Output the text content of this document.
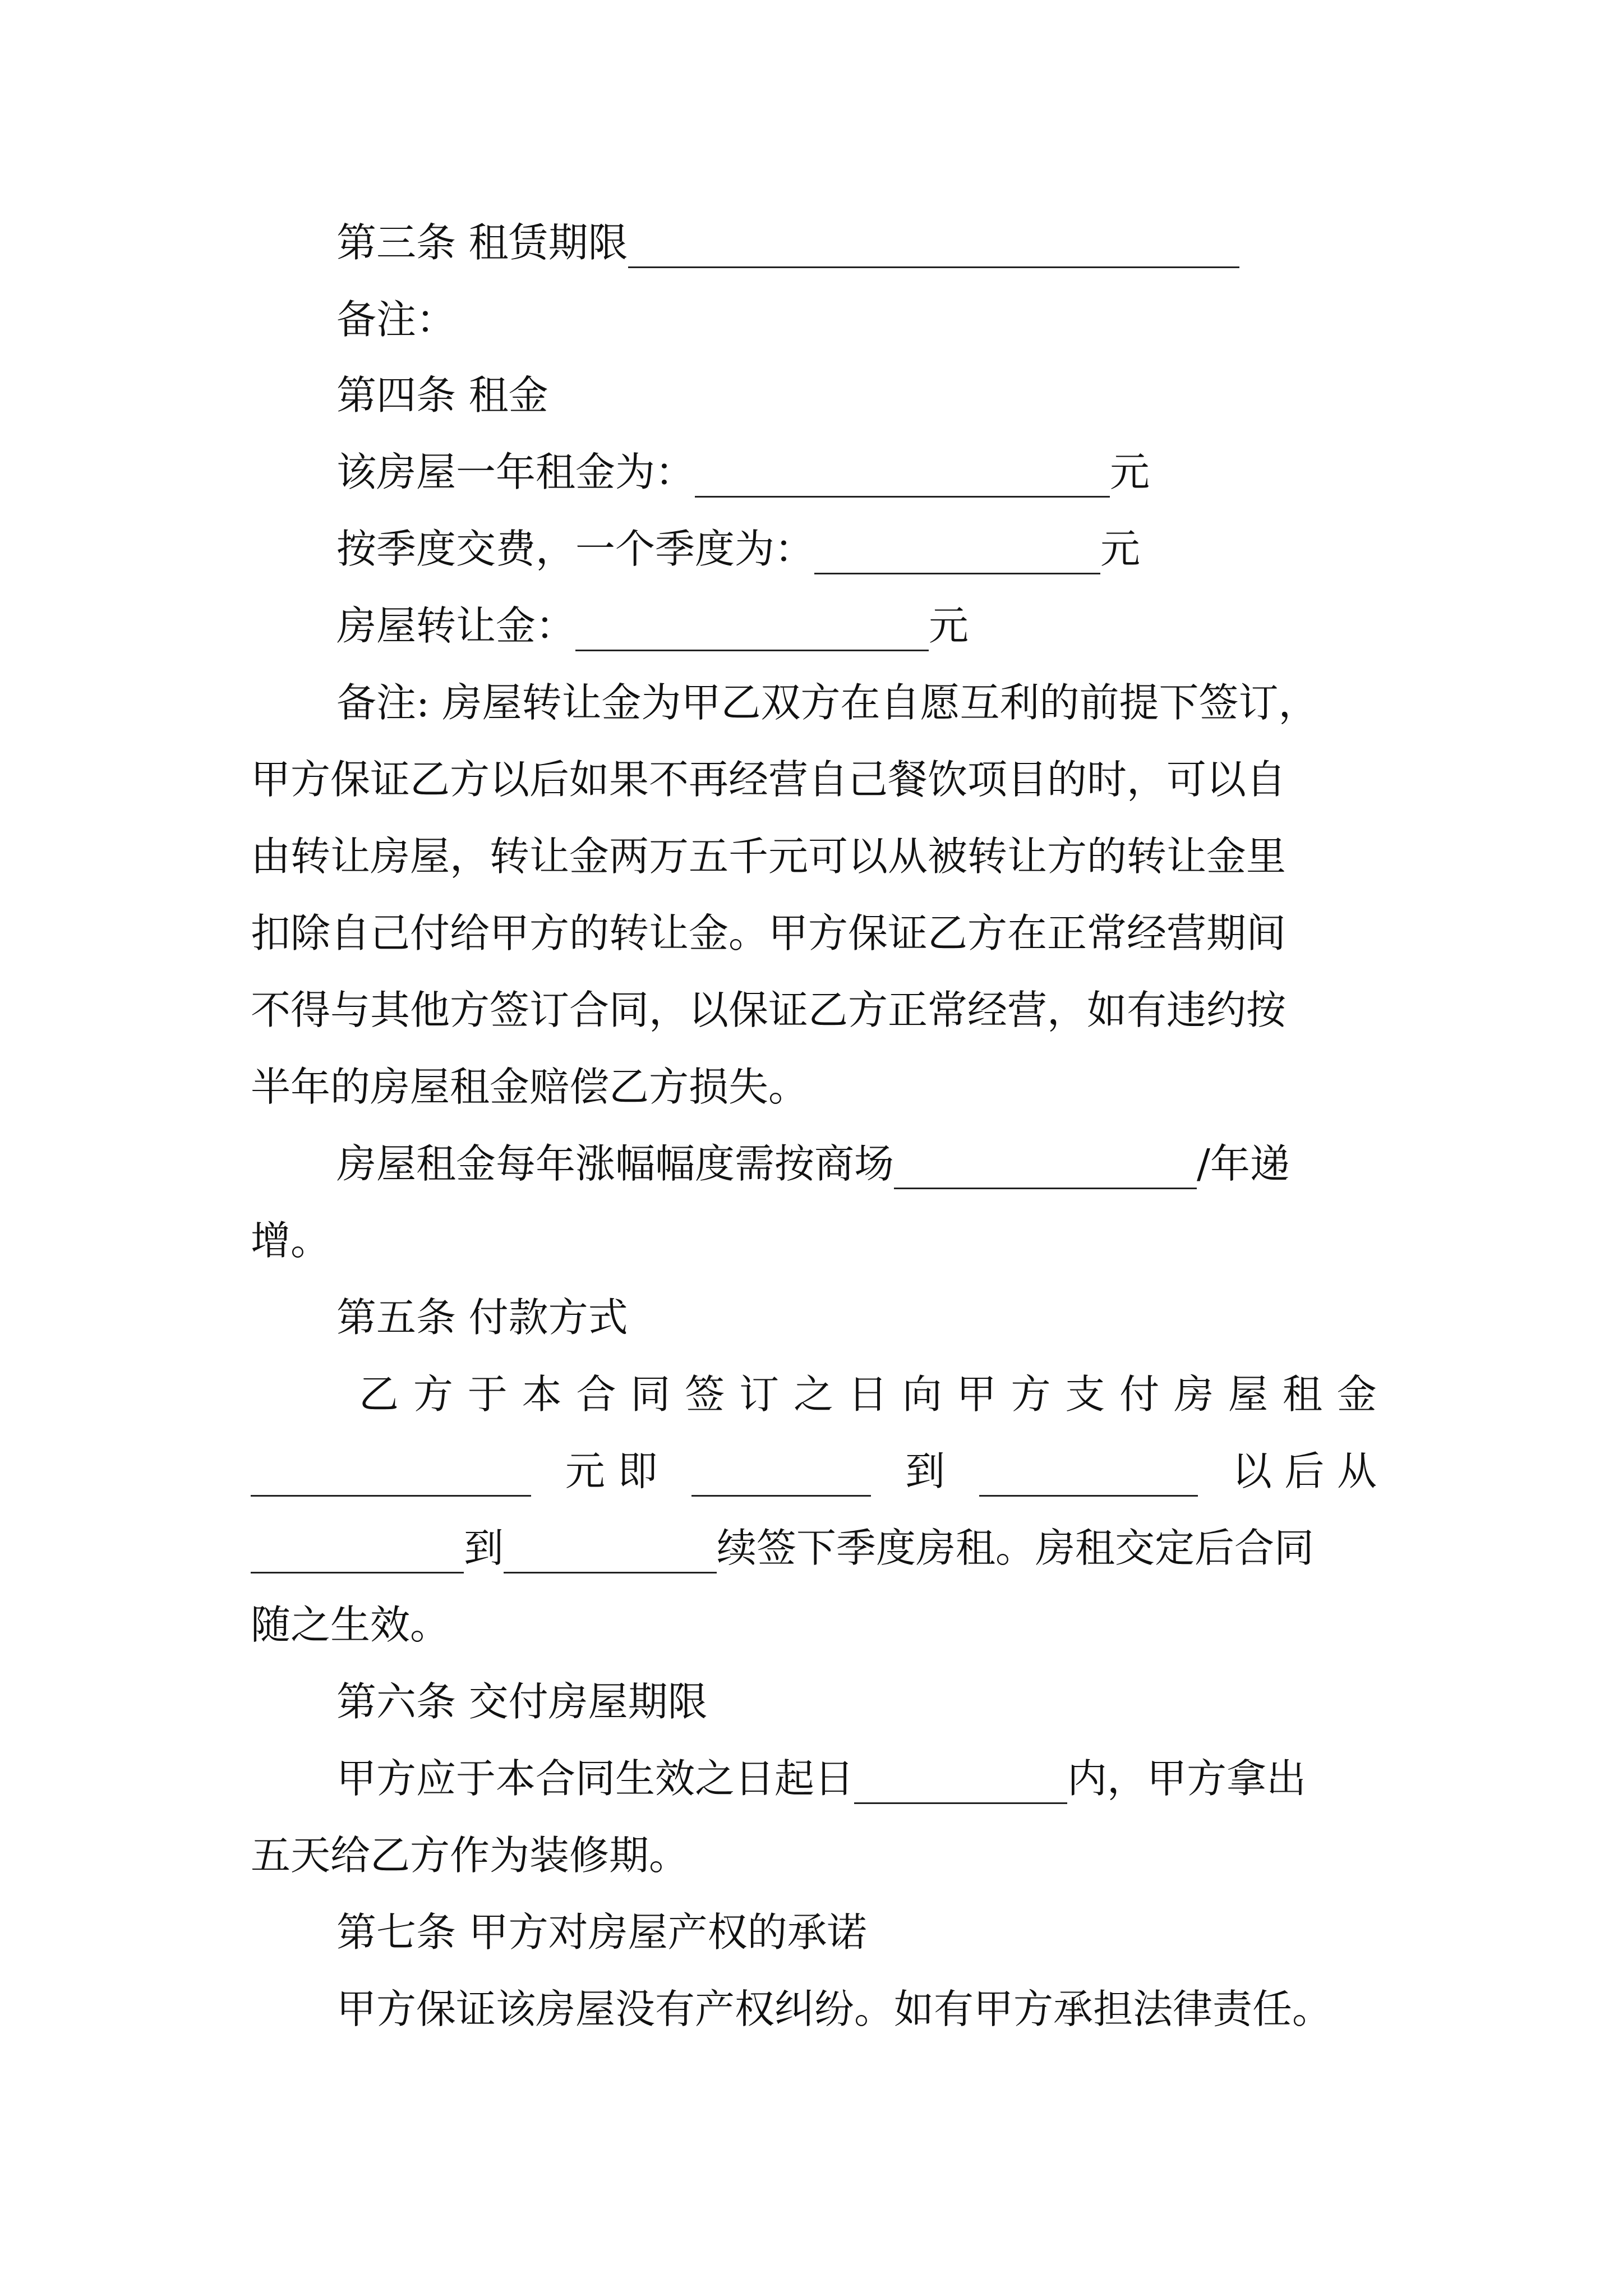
第三条 租赁期限
备注：
第四条 租金
该房屋一年租金为：	元
按季度交费，一个季度为：	元
房屋转让金：	元
备注: 房屋转让金为甲乙双方在自愿互利的前提下签订，
甲方保证乙方以后如果不再经营自己餐饮项目的时，可以自
由转让房屋，转让金两万五千元可以从被转让方的转让金里
扣除自己付给甲方的转让金。甲方保证乙方在正常经营期间
不得与其他方签订合同，以保证乙方正常经营，如有违约按
半年的房屋租金赔偿乙方损失。
房屋租金每年涨幅幅度需按商场	/年递
增。
第五条 付款方式
乙 方 于 本 合 同 签 订 之 日 向 甲 方 支 付 房 屋 租 金
元 即	到	以 后 从
到	续签下季度房租。房租交定后合同
随之生效。
第六条 交付房屋期限
甲方应于本合同生效之日起日	内，甲方拿出
五天给乙方作为装修期。
第七条 甲方对房屋产权的承诺
甲方保证该房屋没有产权纠纷。如有甲方承担法律责任。
